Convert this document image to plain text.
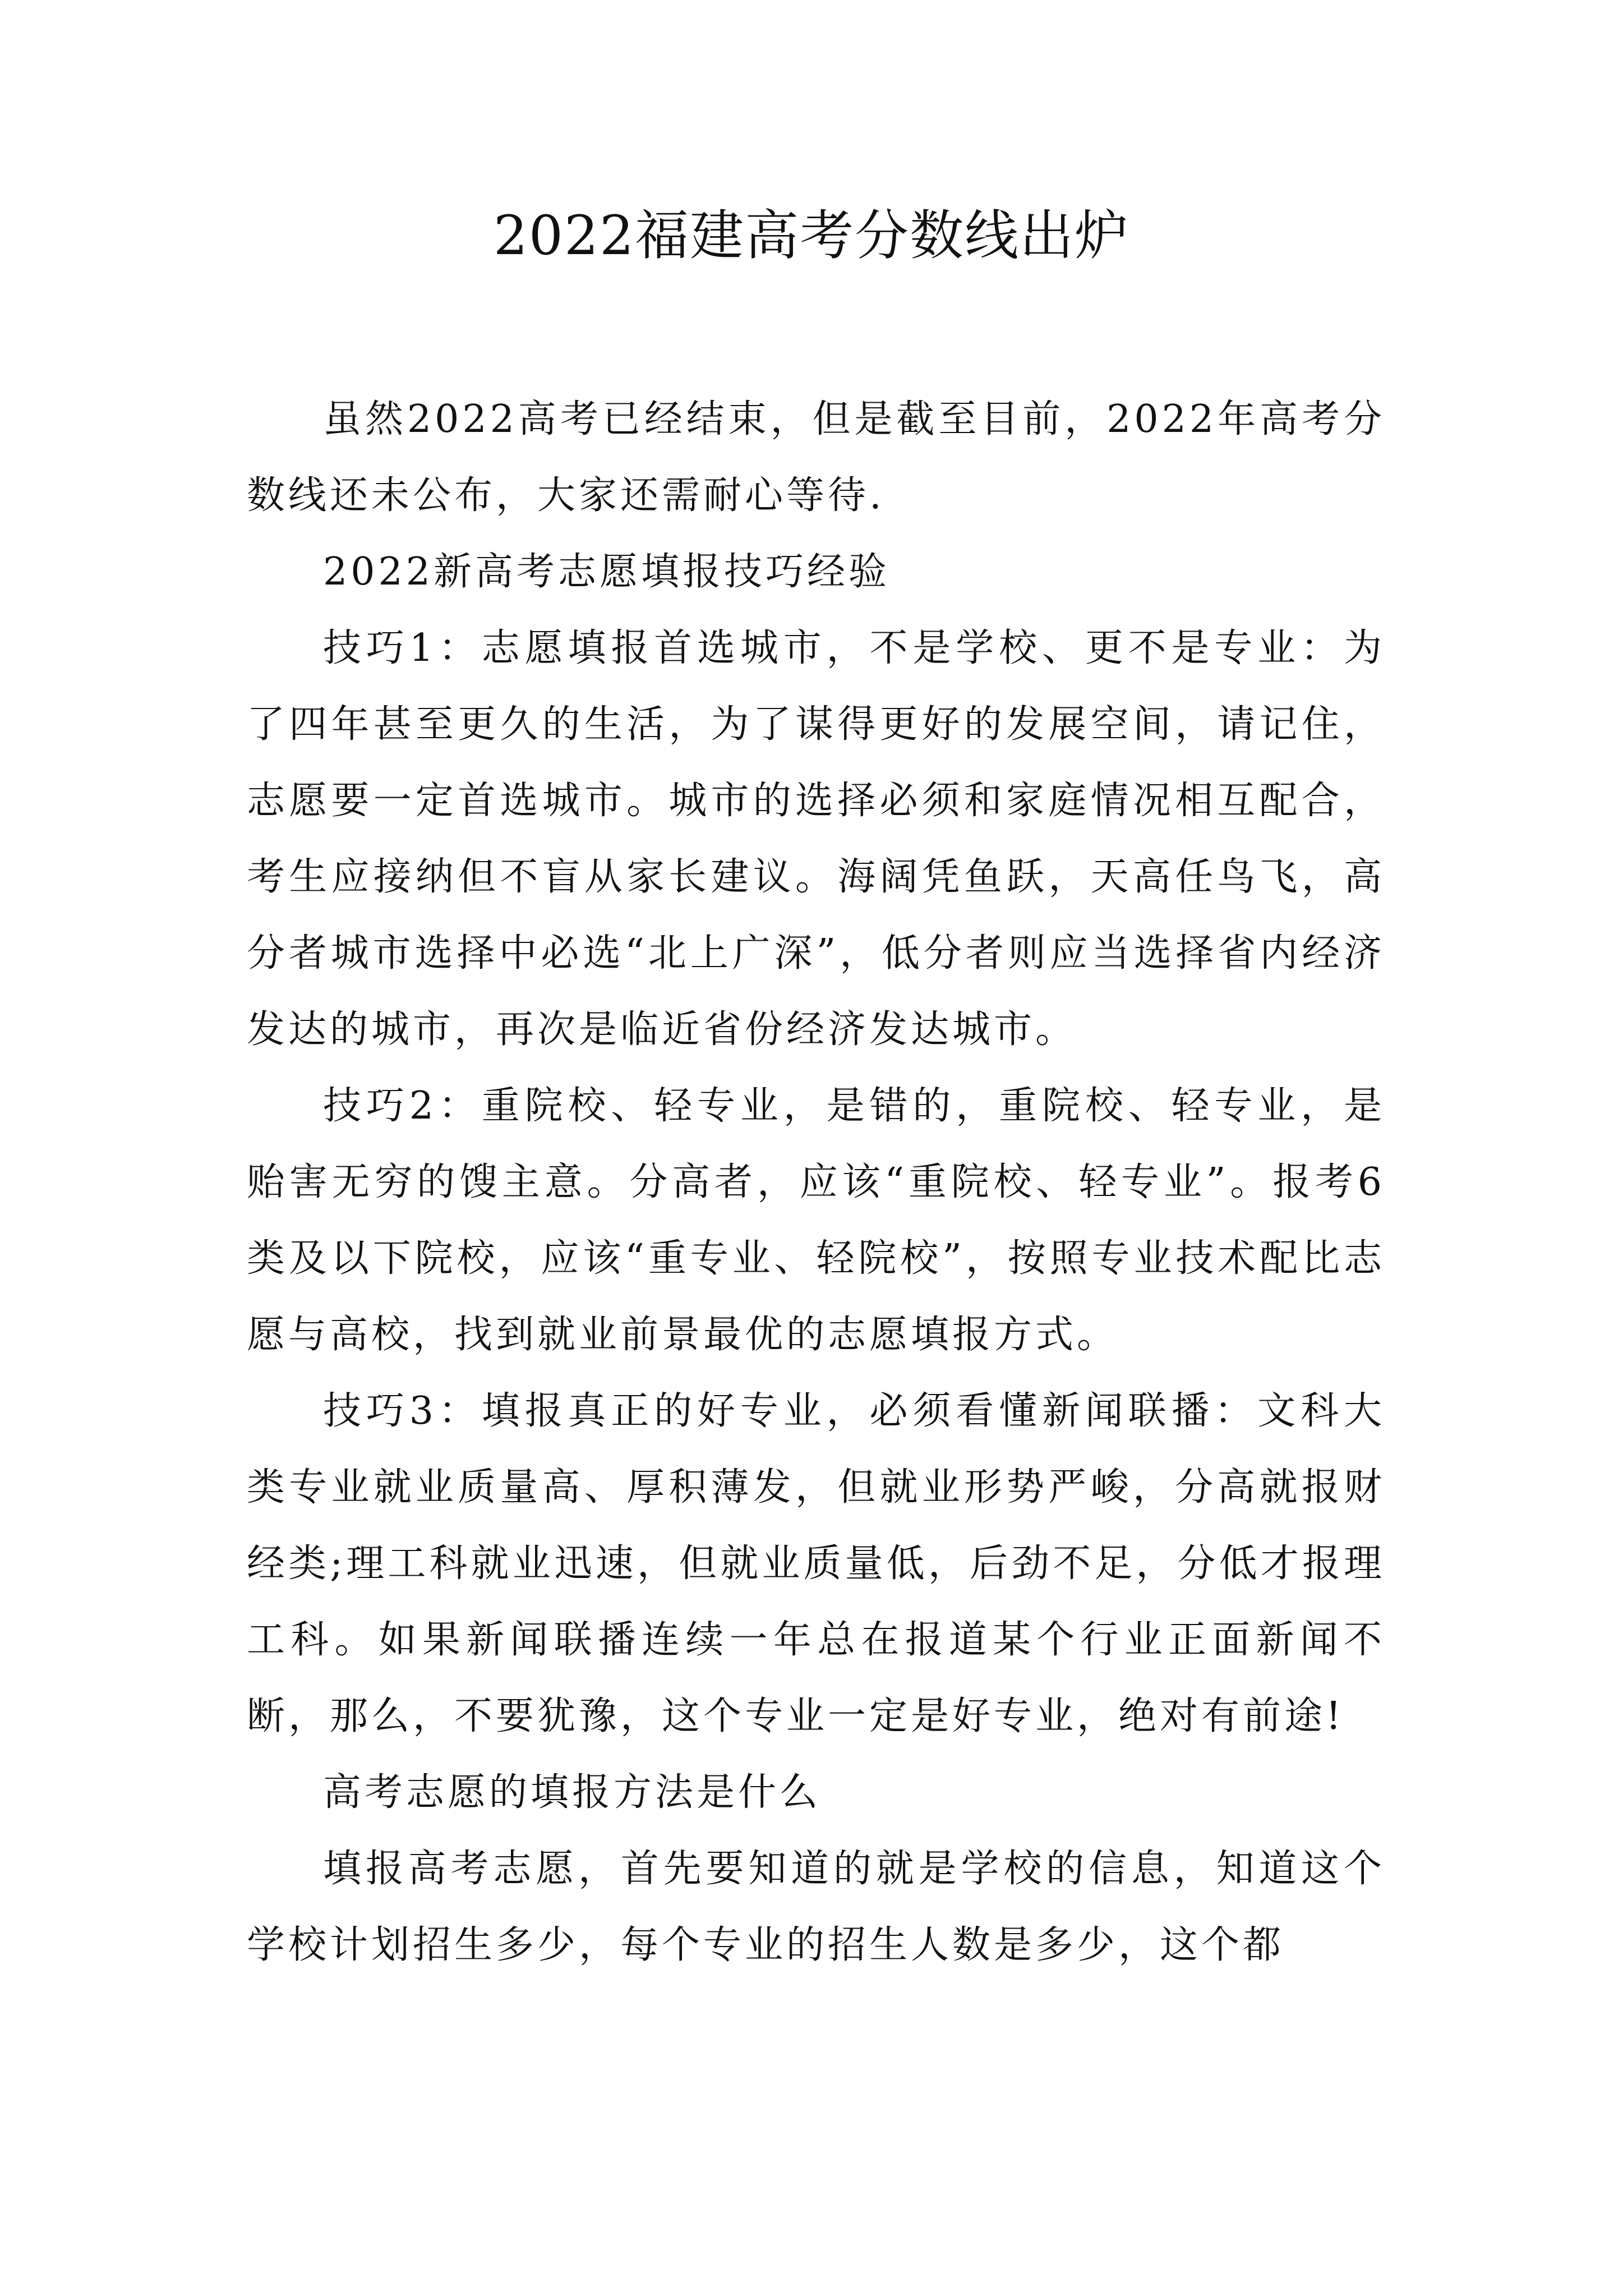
2022福建高考分数线出炉

虽然2022高考已经结束，但是截至目前，2022年高考分数线还未公布，大家还需耐心等待.

2022新高考志愿填报技巧经验

技巧1：志愿填报首选城市，不是学校、更不是专业：为了四年甚至更久的生活，为了谋得更好的发展空间，请记住，志愿要一定首选城市。城市的选择必须和家庭情况相互配合，考生应接纳但不盲从家长建议。海阔凭鱼跃，天高任鸟飞，高分者城市选择中必选“北上广深”，低分者则应当选择省内经济发达的城市，再次是临近省份经济发达城市。

技巧2：重院校、轻专业，是错的，重院校、轻专业，是贻害无穷的馊主意。分高者，应该“重院校、轻专业”。报考6类及以下院校，应该“重专业、轻院校”，按照专业技术配比志愿与高校，找到就业前景最优的志愿填报方式。

技巧3：填报真正的好专业，必须看懂新闻联播：文科大类专业就业质量高、厚积薄发，但就业形势严峻，分高就报财经类;理工科就业迅速，但就业质量低，后劲不足，分低才报理工科。如果新闻联播连续一年总在报道某个行业正面新闻不断，那么，不要犹豫，这个专业一定是好专业，绝对有前途!

高考志愿的填报方法是什么

填报高考志愿，首先要知道的就是学校的信息，知道这个学校计划招生多少，每个专业的招生人数是多少，这个都
